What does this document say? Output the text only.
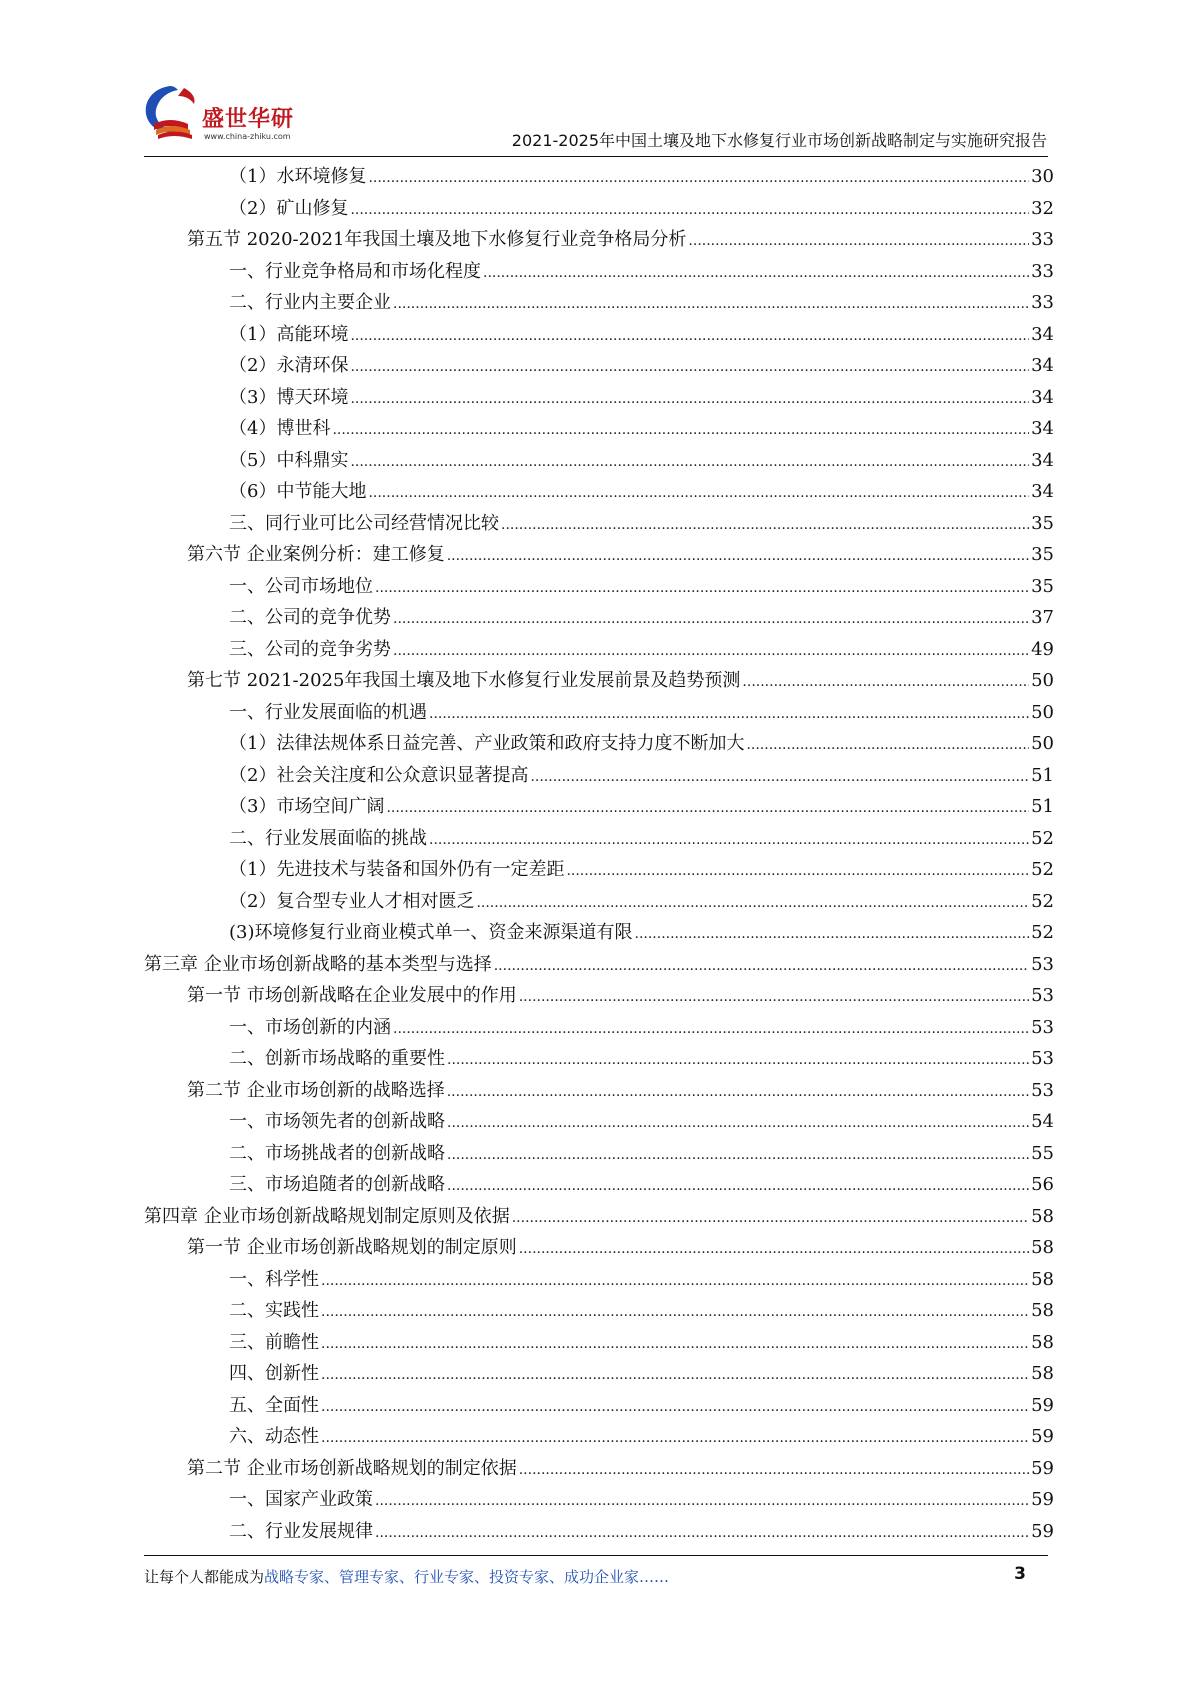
盛世华研
www.china-zhiku.com	2021-2025年中国土壤及地下水修复行业市场创新战略制定与实施研究报告
（1）水环境修复 .....	30
（2）矿山修复 .....	32
第五节 2020-2021年我国土壤及地下水修复行业竞争格局分析 .....	33
一、行业竞争格局和市场化程度 .....	33
二、行业内主要企业 .....	33
（1）高能环境 .....	34
（2）永清环保 .....	34
（3）博天环境 .....	34
（4）博世科 .....	34
（5）中科鼎实 .....	34
（6）中节能大地 .....	34
三、同行业可比公司经营情况比较 .....	35
第六节 企业案例分析：建工修复 .....	35
一、公司市场地位 .....	35
二、公司的竞争优势 .....	37
三、公司的竞争劣势 .....	49
第七节 2021-2025年我国土壤及地下水修复行业发展前景及趋势预测 .....	50
一、行业发展面临的机遇 .....	50
（1）法律法规体系日益完善、产业政策和政府支持力度不断加大 .....	50
（2）社会关注度和公众意识显著提高 .....	51
（3）市场空间广阔 .....	51
二、行业发展面临的挑战 .....	52
（1）先进技术与装备和国外仍有一定差距 .....	52
（2）复合型专业人才相对匮乏 .....	52
(3)环境修复行业商业模式单一、资金来源渠道有限 .....	52
第三章 企业市场创新战略的基本类型与选择 .....	53
第一节 市场创新战略在企业发展中的作用 .....	53
一、市场创新的内涵 .....	53
二、创新市场战略的重要性 .....	53
第二节 企业市场创新的战略选择 .....	53
一、市场领先者的创新战略 .....	54
二、市场挑战者的创新战略 .....	55
三、市场追随者的创新战略 .....	56
第四章 企业市场创新战略规划制定原则及依据 .....	58
第一节 企业市场创新战略规划的制定原则 .....	58
一、科学性 .....	58
二、实践性 .....	58
三、前瞻性 .....	58
四、创新性 .....	58
五、全面性 .....	59
六、动态性 .....	59
第二节 企业市场创新战略规划的制定依据 .....	59
一、国家产业政策 .....	59
二、行业发展规律 .....	59
让每个人都能成为战略专家、管理专家、行业专家、投资专家、成功企业家……	3
